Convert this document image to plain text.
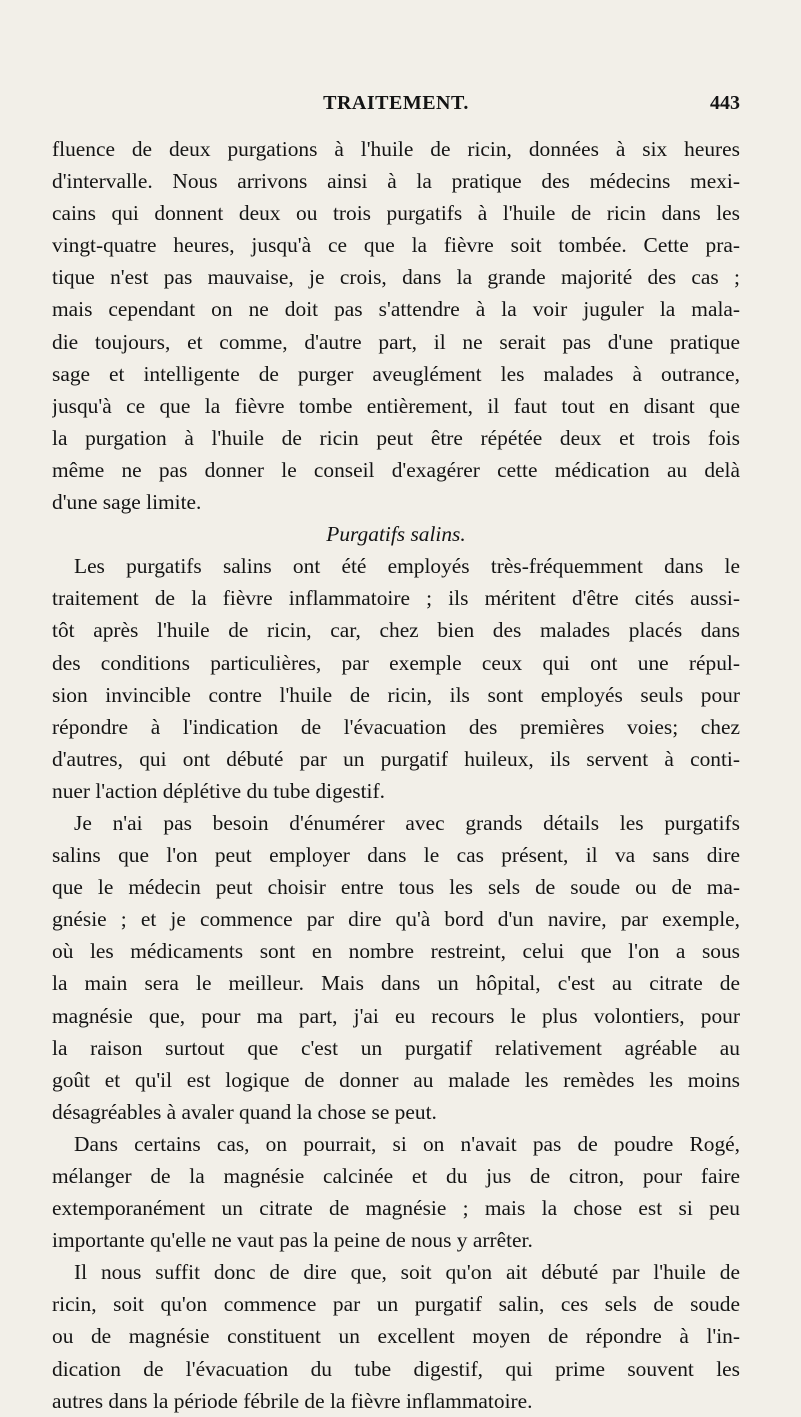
TRAITEMENT.	443
fluence de deux purgations à l'huile de ricin, données à six heures
d'intervalle. Nous arrivons ainsi à la pratique des médecins mexi-
cains qui donnent deux ou trois purgatifs à l'huile de ricin dans les
vingt-quatre heures, jusqu'à ce que la fièvre soit tombée. Cette pra-
tique n'est pas mauvaise, je crois, dans la grande majorité des cas ;
mais cependant on ne doit pas s'attendre à la voir juguler la mala-
die toujours, et comme, d'autre part, il ne serait pas d'une pratique
sage et intelligente de purger aveuglément les malades à outrance,
jusqu'à ce que la fièvre tombe entièrement, il faut tout en disant que
la purgation à l'huile de ricin peut être répétée deux et trois fois
même ne pas donner le conseil d'exagérer cette médication au delà
d'une sage limite.
Purgatifs salins.
Les purgatifs salins ont été employés très-fréquemment dans le
traitement de la fièvre inflammatoire ; ils méritent d'être cités aussi-
tôt après l'huile de ricin, car, chez bien des malades placés dans
des conditions particulières, par exemple ceux qui ont une répul-
sion invincible contre l'huile de ricin, ils sont employés seuls pour
répondre à l'indication de l'évacuation des premières voies; chez
d'autres, qui ont débuté par un purgatif huileux, ils servent à conti-
nuer l'action déplétive du tube digestif.
Je n'ai pas besoin d'énumérer avec grands détails les purgatifs
salins que l'on peut employer dans le cas présent, il va sans dire
que le médecin peut choisir entre tous les sels de soude ou de ma-
gnésie ; et je commence par dire qu'à bord d'un navire, par exemple,
où les médicaments sont en nombre restreint, celui que l'on a sous
la main sera le meilleur. Mais dans un hôpital, c'est au citrate de
magnésie que, pour ma part, j'ai eu recours le plus volontiers, pour
la raison surtout que c'est un purgatif relativement agréable au
goût et qu'il est logique de donner au malade les remèdes les moins
désagréables à avaler quand la chose se peut.
Dans certains cas, on pourrait, si on n'avait pas de poudre Rogé,
mélanger de la magnésie calcinée et du jus de citron, pour faire
extemporanément un citrate de magnésie ; mais la chose est si peu
importante qu'elle ne vaut pas la peine de nous y arrêter.
Il nous suffit donc de dire que, soit qu'on ait débuté par l'huile de
ricin, soit qu'on commence par un purgatif salin, ces sels de soude
ou de magnésie constituent un excellent moyen de répondre à l'in-
dication de l'évacuation du tube digestif, qui prime souvent les
autres dans la période fébrile de la fièvre inflammatoire.
